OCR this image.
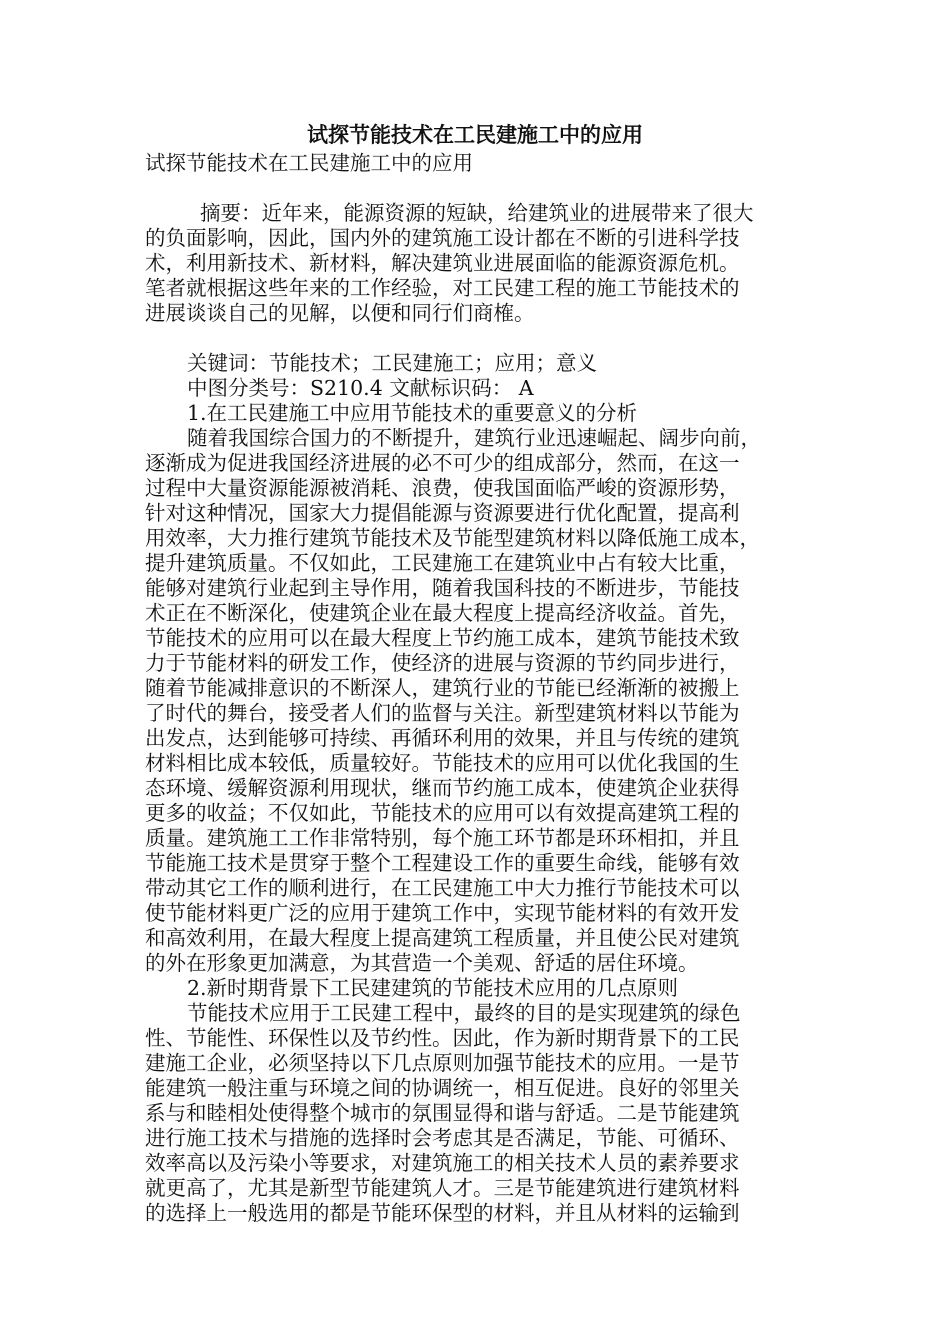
试探节能技术在工民建施工中的应用
试探节能技术在工民建施工中的应用
摘要：近年来，能源资源的短缺，给建筑业的进展带来了很大
的负面影响，因此，国内外的建筑施工设计都在不断的引进科学技
术，利用新技术、新材料，解决建筑业进展面临的能源资源危机。
笔者就根据这些年来的工作经验，对工民建工程的施工节能技术的
进展谈谈自己的见解，以便和同行们商榷。
关键词：节能技术；工民建施工；应用；意义
中图分类号：S210.4 文献标识码： A
1.在工民建施工中应用节能技术的重要意义的分析
随着我国综合国力的不断提升，建筑行业迅速崛起、阔步向前，
逐渐成为促进我国经济进展的必不可少的组成部分，然而，在这一
过程中大量资源能源被消耗、浪费，使我国面临严峻的资源形势，
针对这种情况，国家大力提倡能源与资源要进行优化配置，提高利
用效率，大力推行建筑节能技术及节能型建筑材料以降低施工成本，
提升建筑质量。不仅如此，工民建施工在建筑业中占有较大比重，
能够对建筑行业起到主导作用，随着我国科技的不断进步，节能技
术正在不断深化，使建筑企业在最大程度上提高经济收益。首先，
节能技术的应用可以在最大程度上节约施工成本，建筑节能技术致
力于节能材料的研发工作，使经济的进展与资源的节约同步进行，
随着节能减排意识的不断深人，建筑行业的节能已经渐渐的被搬上
了时代的舞台，接受者人们的监督与关注。新型建筑材料以节能为
出发点，达到能够可持续、再循环利用的效果，并且与传统的建筑
材料相比成本较低，质量较好。节能技术的应用可以优化我国的生
态环境、缓解资源利用现状，继而节约施工成本，使建筑企业获得
更多的收益；不仅如此，节能技术的应用可以有效提高建筑工程的
质量。建筑施工工作非常特别，每个施工环节都是环环相扣，并且
节能施工技术是贯穿于整个工程建设工作的重要生命线，能够有效
带动其它工作的顺利进行，在工民建施工中大力推行节能技术可以
使节能材料更广泛的应用于建筑工作中，实现节能材料的有效开发
和高效利用，在最大程度上提高建筑工程质量，并且使公民对建筑
的外在形象更加满意，为其营造一个美观、舒适的居住环境。
2.新时期背景下工民建建筑的节能技术应用的几点原则
节能技术应用于工民建工程中，最终的目的是实现建筑的绿色
性、节能性、环保性以及节约性。因此，作为新时期背景下的工民
建施工企业，必须坚持以下几点原则加强节能技术的应用。一是节
能建筑一般注重与环境之间的协调统一，相互促进。良好的邻里关
系与和睦相处使得整个城市的氛围显得和谐与舒适。二是节能建筑
进行施工技术与措施的选择时会考虑其是否满足，节能、可循环、
效率高以及污染小等要求，对建筑施工的相关技术人员的素养要求
就更高了，尤其是新型节能建筑人才。三是节能建筑进行建筑材料
的选择上一般选用的都是节能环保型的材料，并且从材料的运输到
